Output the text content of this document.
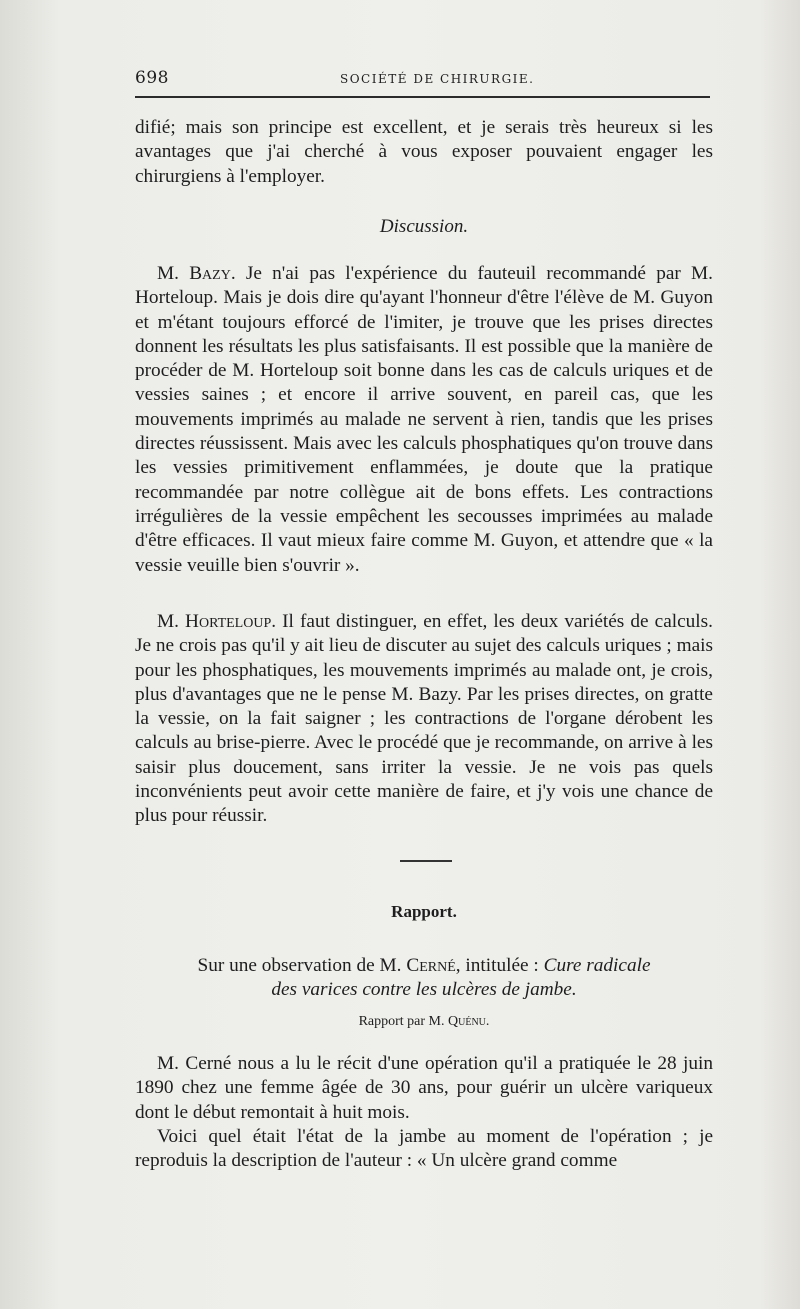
698	SOCIÉTÉ DE CHIRURGIE.

difié; mais son principe est excellent, et je serais très heureux si les avantages que j'ai cherché à vous exposer pouvaient engager les chirurgiens à l'employer.

Discussion.

M. Bazy. Je n'ai pas l'expérience du fauteuil recommandé par M. Horteloup. Mais je dois dire qu'ayant l'honneur d'être l'élève de M. Guyon et m'étant toujours efforcé de l'imiter, je trouve que les prises directes donnent les résultats les plus satisfaisants. Il est possible que la manière de procéder de M. Horteloup soit bonne dans les cas de calculs uriques et de vessies saines ; et encore il arrive souvent, en pareil cas, que les mouvements imprimés au malade ne servent à rien, tandis que les prises directes réussissent. Mais avec les calculs phosphatiques qu'on trouve dans les vessies primitivement enflammées, je doute que la pratique recommandée par notre collègue ait de bons effets. Les contractions irrégulières de la vessie empêchent les secousses imprimées au malade d'être efficaces. Il vaut mieux faire comme M. Guyon, et attendre que « la vessie veuille bien s'ouvrir ».

M. Horteloup. Il faut distinguer, en effet, les deux variétés de calculs. Je ne crois pas qu'il y ait lieu de discuter au sujet des calculs uriques ; mais pour les phosphatiques, les mouvements imprimés au malade ont, je crois, plus d'avantages que ne le pense M. Bazy. Par les prises directes, on gratte la vessie, on la fait saigner ; les contractions de l'organe dérobent les calculs au brise-pierre. Avec le procédé que je recommande, on arrive à les saisir plus doucement, sans irriter la vessie. Je ne vois pas quels inconvénients peut avoir cette manière de faire, et j'y vois une chance de plus pour réussir.

Rapport.
Sur une observation de M. Cerné, intitulée : Cure radicale
des varices contre les ulcères de jambe.
Rapport par M. Quénu.

M. Cerné nous a lu le récit d'une opération qu'il a pratiquée le 28 juin 1890 chez une femme âgée de 30 ans, pour guérir un ulcère variqueux dont le début remontait à huit mois.

Voici quel était l'état de la jambe au moment de l'opération ; je reproduis la description de l'auteur : « Un ulcère grand comme
